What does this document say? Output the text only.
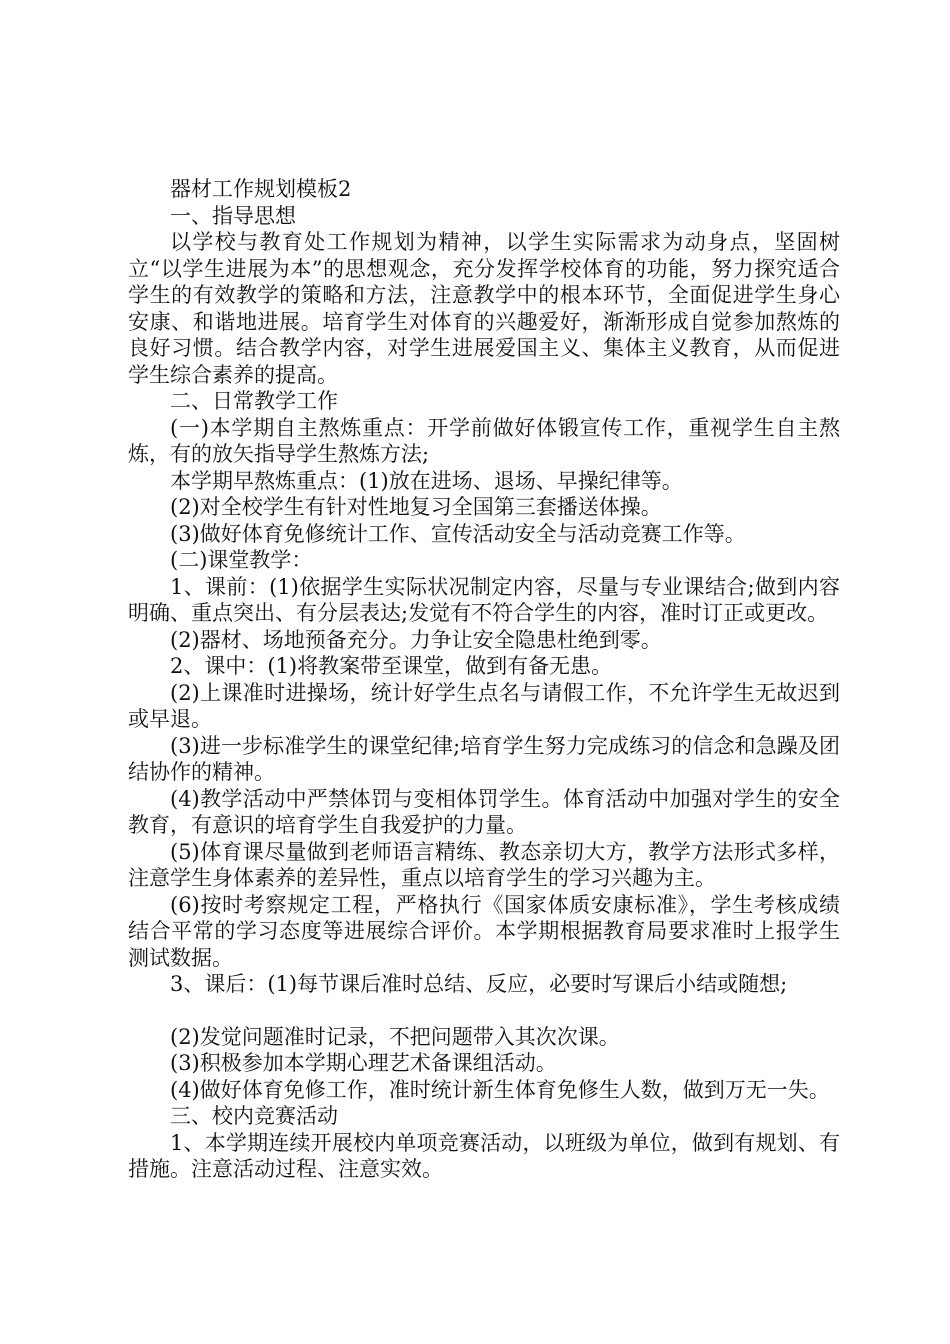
器材工作规划模板2

一、指导思想

以学校与教育处工作规划为精神，以学生实际需求为动身点，坚固树立“以学生进展为本”的思想观念，充分发挥学校体育的功能，努力探究适合学生的有效教学的策略和方法，注意教学中的根本环节，全面促进学生身心安康、和谐地进展。培育学生对体育的兴趣爱好，渐渐形成自觉参加熬炼的良好习惯。结合教学内容，对学生进展爱国主义、集体主义教育，从而促进学生综合素养的提高。

二、日常教学工作

(一)本学期自主熬炼重点：开学前做好体锻宣传工作，重视学生自主熬炼，有的放矢指导学生熬炼方法;

本学期早熬炼重点：(1)放在进场、退场、早操纪律等。

(2)对全校学生有针对性地复习全国第三套播送体操。

(3)做好体育免修统计工作、宣传活动安全与活动竞赛工作等。

(二)课堂教学：

1、课前：(1)依据学生实际状况制定内容，尽量与专业课结合;做到内容明确、重点突出、有分层表达;发觉有不符合学生的内容，准时订正或更改。

(2)器材、场地预备充分。力争让安全隐患杜绝到零。

2、课中：(1)将教案带至课堂，做到有备无患。

(2)上课准时进操场，统计好学生点名与请假工作，不允许学生无故迟到或早退。

(3)进一步标准学生的课堂纪律;培育学生努力完成练习的信念和急躁及团结协作的精神。

(4)教学活动中严禁体罚与变相体罚学生。体育活动中加强对学生的安全教育，有意识的培育学生自我爱护的力量。

(5)体育课尽量做到老师语言精练、教态亲切大方，教学方法形式多样，注意学生身体素养的差异性，重点以培育学生的学习兴趣为主。

(6)按时考察规定工程，严格执行《国家体质安康标准》，学生考核成绩结合平常的学习态度等进展综合评价。本学期根据教育局要求准时上报学生测试数据。

3、课后：(1)每节课后准时总结、反应，必要时写课后小结或随想;

(2)发觉问题准时记录，不把问题带入其次次课。

(3)积极参加本学期心理艺术备课组活动。

(4)做好体育免修工作，准时统计新生体育免修生人数，做到万无一失。

三、校内竞赛活动

1、本学期连续开展校内单项竞赛活动，以班级为单位，做到有规划、有措施。注意活动过程、注意实效。
